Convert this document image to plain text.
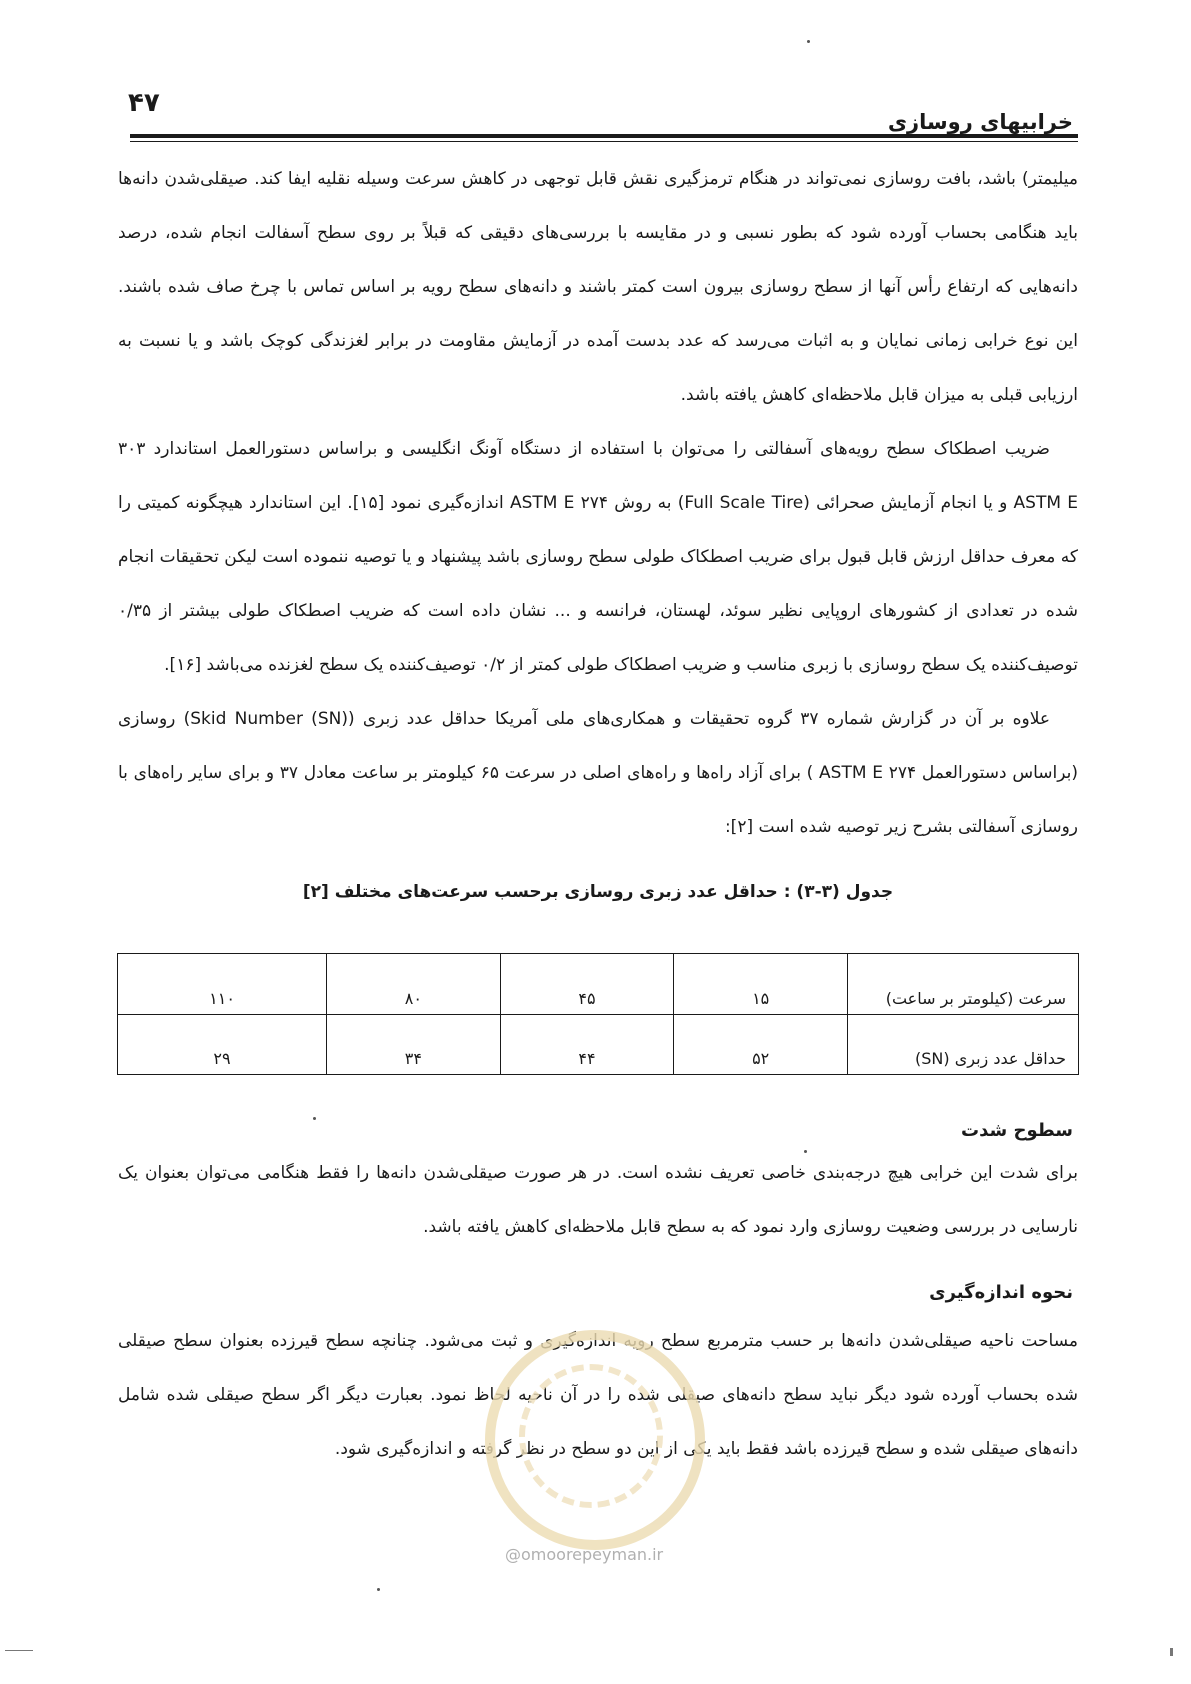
۴۷
خرابیهای روسازی

میلیمتر) باشد، بافت روسازی نمی‌تواند در هنگام ترمزگیری نقش قابل توجهی در کاهش سرعت وسیله نقلیه ایفا کند. صیقلی‌شدن دانه‌ها باید هنگامی بحساب آورده شود که بطور نسبی و در مقایسه با بررسی‌های دقیقی که قبلاً بر روی سطح آسفالت انجام شده، درصد دانه‌هایی که ارتفاع رأس آنها از سطح روسازی بیرون است کمتر باشند و دانه‌های سطح رویه بر اساس تماس با چرخ صاف شده باشند. این نوع خرابی زمانی نمایان و به اثبات می‌رسد که عدد بدست آمده در آزمایش مقاومت در برابر لغزندگی کوچک باشد و یا نسبت به ارزیابی قبلی به میزان قابل ملاحظه‌ای کاهش یافته باشد.

ضریب اصطکاک سطح رویه‌های آسفالتی را می‌توان با استفاده از دستگاه آونگ انگلیسی و براساس دستورالعمل استاندارد ۳۰۳ ASTM E و یا انجام آزمایش صحرائی (Full Scale Tire) به روش ASTM E ۲۷۴ اندازه‌گیری نمود [۱۵]. این استاندارد هیچگونه کمیتی را که معرف حداقل ارزش قابل قبول برای ضریب اصطکاک طولی سطح روسازی باشد پیشنهاد و یا توصیه ننموده است لیکن تحقیقات انجام شده در تعدادی از کشورهای اروپایی نظیر سوئد، لهستان، فرانسه و ... نشان داده است که ضریب اصطکاک طولی بیشتر از ۰/۳۵ توصیف‌کننده یک سطح روسازی با زبری مناسب و ضریب اصطکاک طولی کمتر از ۰/۲ توصیف‌کننده یک سطح لغزنده می‌باشد [۱۶].

علاوه بر آن در گزارش شماره ۳۷ گروه تحقیقات و همکاری‌های ملی آمریکا حداقل عدد زبری (Skid Number (SN)) روسازی (براساس دستورالعمل ASTM E ۲۷۴ ) برای آزاد راه‌ها و راه‌های اصلی در سرعت ۶۵ کیلومتر بر ساعت معادل ۳۷ و برای سایر راه‌های با روسازی آسفالتی بشرح زیر توصیه شده است [۲]:

جدول (۳-۳) : حداقل عدد زبری روسازی برحسب سرعت‌های مختلف [۲]
سرعت (کیلومتر بر ساعت)	۱۵	۴۵	۸۰	۱۱۰
حداقل عدد زبری (SN)	۵۲	۴۴	۳۴	۲۹
سطوح شدت

برای شدت این خرابی هیچ درجه‌بندی خاصی تعریف نشده است. در هر صورت صیقلی‌شدن دانه‌ها را فقط هنگامی می‌توان بعنوان یک نارسایی در بررسی وضعیت روسازی وارد نمود که به سطح قابل ملاحظه‌ای کاهش یافته باشد.

نحوه اندازه‌گیری

مساحت ناحیه صیقلی‌شدن دانه‌ها بر حسب مترمربع سطح رویه اندازه‌گیری و ثبت می‌شود. چنانچه سطح قیرزده بعنوان سطح صیقلی شده بحساب آورده شود دیگر نباید سطح دانه‌های صیقلی شده را در آن ناحیه لحاظ نمود. بعبارت دیگر اگر سطح صیقلی شده شامل دانه‌های صیقلی شده و سطح قیرزده باشد فقط باید یکی از این دو سطح در نظر گرفته و اندازه‌گیری شود.

@omoorepeyman.ir
